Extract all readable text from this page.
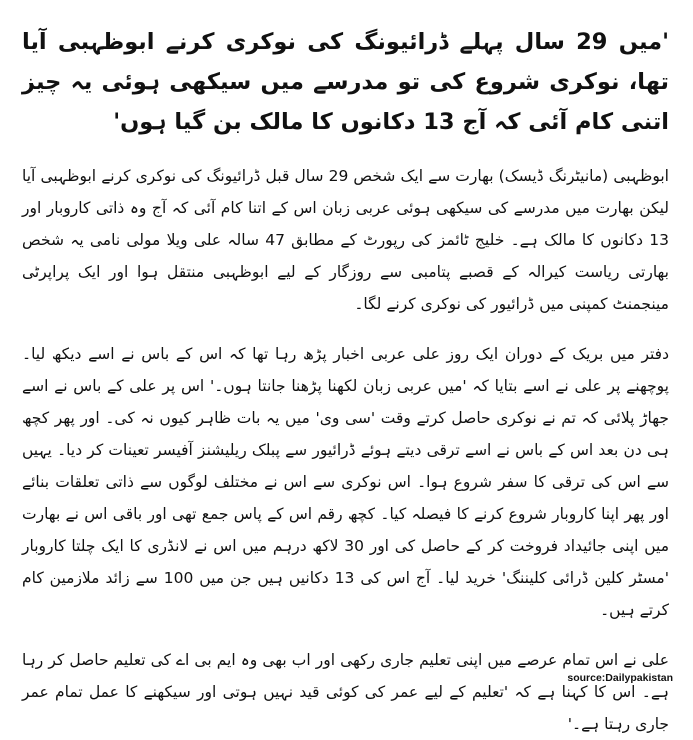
'میں 29 سال پہلے ڈرائیونگ کی نوکری کرنے ابوظہبی آیا تھا، نوکری شروع کی تو مدرسے میں سیکھی ہوئی یہ چیز اتنی کام آئی کہ آج 13 دکانوں کا مالک بن گیا ہوں'

ابوظہبی (مانیٹرنگ ڈیسک) بھارت سے ایک شخص 29 سال قبل ڈرائیونگ کی نوکری کرنے ابوظہبی آیا لیکن بھارت میں مدرسے کی سیکھی ہوئی عربی زبان اس کے اتنا کام آئی کہ آج وہ ذاتی کاروبار اور 13 دکانوں کا مالک ہے۔ خلیج ٹائمز کی رپورٹ کے مطابق 47 سالہ علی ویلا مولی نامی یہ شخص بھارتی ریاست کیرالہ کے قصبے پتامبی سے روزگار کے لیے ابوظہبی منتقل ہوا اور ایک پراپرٹی مینجمنٹ کمپنی میں ڈرائیور کی نوکری کرنے لگا۔

دفتر میں بریک کے دوران ایک روز علی عربی اخبار پڑھ رہا تھا کہ اس کے باس نے اسے دیکھ لیا۔ پوچھنے پر علی نے اسے بتایا کہ 'میں عربی زبان لکھنا پڑھنا جانتا ہوں۔' اس پر علی کے باس نے اسے جھاڑ پلائی کہ تم نے نوکری حاصل کرتے وقت 'سی وی' میں یہ بات ظاہر کیوں نہ کی۔ اور پھر کچھ ہی دن بعد اس کے باس نے اسے ترقی دیتے ہوئے ڈرائیور سے پبلک ریلیشنز آفیسر تعینات کر دیا۔ یہیں سے اس کی ترقی کا سفر شروع ہوا۔ اس نوکری سے اس نے مختلف لوگوں سے ذاتی تعلقات بنائے اور پھر اپنا کاروبار شروع کرنے کا فیصلہ کیا۔ کچھ رقم اس کے پاس جمع تھی اور باقی اس نے بھارت میں اپنی جائیداد فروخت کر کے حاصل کی اور 30 لاکھ درہم میں اس نے لانڈری کا ایک چلتا کاروبار 'مسٹر کلین ڈرائی کلیننگ' خرید لیا۔ آج اس کی 13 دکانیں ہیں جن میں 100 سے زائد ملازمین کام کرتے ہیں۔

علی نے اس تمام عرصے میں اپنی تعلیم جاری رکھی اور اب بھی وہ ایم بی اے کی تعلیم حاصل کر رہا ہے۔ اس کا کہنا ہے کہ 'تعلیم کے لیے عمر کی کوئی قید نہیں ہوتی اور سیکھنے کا عمل تمام عمر جاری رہتا ہے۔'

source:Dailypakistan
